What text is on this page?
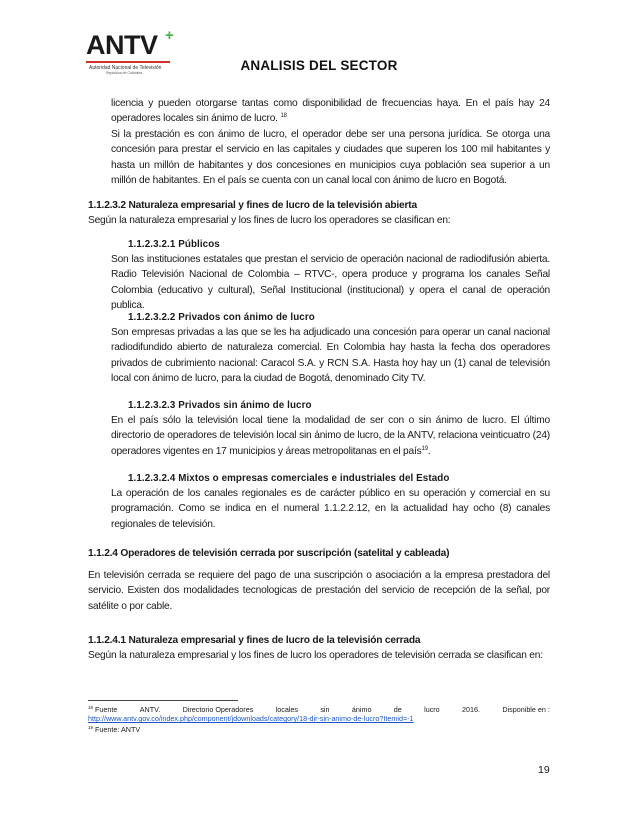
ANTV +
Autoridad Nacional de Televisión
República de Colombia	ANALISIS DEL SECTOR

licencia y pueden otorgarse tantas como disponibilidad de frecuencias haya. En el país hay 24 operadores locales sin ánimo de lucro. $^{18}$

Si la prestación es con ánimo de lucro, el operador debe ser una persona jurídica. Se otorga una concesión para prestar el servicio en las capitales y ciudades que superen los 100 mil habitantes y hasta un millón de habitantes y dos concesiones en municipios cuya población sea superior a un millón de habitantes. En el país se cuenta con un canal local con ánimo de lucro en Bogotá.

1.1.2.3.2 Naturaleza empresarial y fines de lucro de la televisión abierta

Según la naturaleza empresarial y los fines de lucro los operadores se clasifican en:

1.1.2.3.2.1 Públicos

Son las instituciones estatales que prestan el servicio de operación nacional de radiodifusión abierta. Radio Televisión Nacional de Colombia – RTVC-, opera produce y programa los canales Señal Colombia (educativo y cultural), Señal Institucional (institucional) y opera el canal de operación publica.

1.1.2.3.2.2 Privados con ánimo de lucro

Son empresas privadas a las que se les ha adjudicado una concesión para operar un canal nacional radiodifundido abierto de naturaleza comercial. En Colombia hay hasta la fecha dos operadores privados de cubrimiento nacional: Caracol S.A. y RCN S.A. Hasta hoy hay un (1) canal de televisión local con ánimo de lucro, para la ciudad de Bogotá, denominado City TV.

1.1.2.3.2.3 Privados sin ánimo de lucro

En el país sólo la televisión local tiene la modalidad de ser con o sin ánimo de lucro. El último directorio de operadores de televisión local sin ánimo de lucro, de la ANTV, relaciona veinticuatro (24) operadores vigentes en 17 municipios y áreas metropolitanas en el país$^{19}$.

1.1.2.3.2.4 Mixtos o empresas comerciales e industriales del Estado

La operación de los canales regionales es de carácter público en su operación y comercial en su programación. Como se indica en el numeral 1.1.2.2.12, en la actualidad hay ocho (8) canales regionales de televisión.

1.1.2.4 Operadores de televisión cerrada por suscripción (satelital y cableada)

En televisión cerrada se requiere del pago de una suscripción o asociación a la empresa prestadora del servicio. Existen dos modalidades tecnologicas de prestación del servicio de recepción de la señal, por satélite o por cable.

1.1.2.4.1 Naturaleza empresarial y fines de lucro de la televisión cerrada

Según la naturaleza empresarial y los fines de lucro los operadores de televisión cerrada se clasifican en:

$^{18}$ Fuente	ANTV.	Directorio Operadores	locales	sin	ánimo	de	lucro	2016.	Disponible en :
http://www.antv.gov.co/index.php/component/jdownloads/category/18-dir-sin-animo-de-lucro?Itemid=-1

$^{19}$ Fuente: ANTV

19
